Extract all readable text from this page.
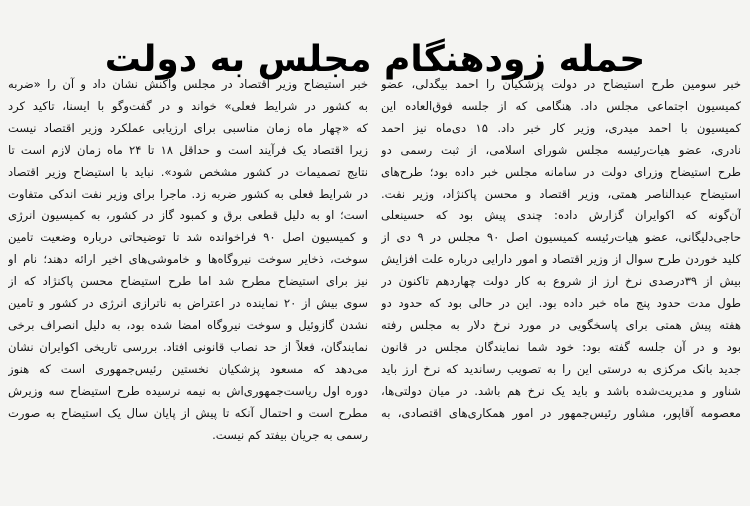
حمله زودهنگام مجلس به دولت
خبر سومین طرح استیضاح در دولت پزشکیان را احمد بیگدلی، عضو
کمیسیون اجتماعی مجلس داد. هنگامی که از جلسه فوق‌العاده این
کمیسیون با احمد میدری، وزیر کار خبر داد. ۱۵ دی‌ماه نیز احمد
نادری، عضو هیات‌رئیسه مجلس شورای اسلامی، از ثبت رسمی دو
طرح استیضاح وزرای دولت در سامانه مجلس خبر داده بود؛ طرح‌های
استیضاح عبدالناصر همتی، وزیر اقتصاد و محسن پاکنژاد، وزیر نفت.
آن‌گونه که اکوایران گزارش داده: چندی پیش بود که حسینعلی
حاجی‌دلیگانی، عضو هیات‌رئیسه کمیسیون اصل ۹۰ مجلس در ۹ دی از
کلید خوردن طرح سوال از وزیر اقتصاد و امور دارایی درباره علت افزایش
بیش از ۳۹درصدی نرخ ارز از شروع به کار دولت چهاردهم تاکنون در
طول مدت حدود پنج ماه خبر داده بود. این در حالی بود که حدود دو
هفته پیش همتی برای پاسخگویی در مورد نرخ دلار به مجلس رفته
بود و در آن جلسه گفته بود: خود شما نمایندگان مجلس در قانون
جدید بانک مرکزی به درستی این را به تصویب رساندید که نرخ ارز باید
شناور و مدیریت‌شده باشد و باید یک نرخ هم باشد. در میان دولتی‌ها،
معصومه آقاپور، مشاور رئیس‌جمهور در امور همکاری‌های اقتصادی، به
خبر استیضاح وزیر اقتصاد در مجلس واکنش نشان داد و آن را «ضربه
به کشور در شرایط فعلی» خواند و در گفت‌وگو با ایسنا، تاکید کرد
که «چهار ماه زمان مناسبی برای ارزیابی عملکرد وزیر اقتصاد نیست
زیرا اقتصاد یک فرآیند است و حداقل ۱۸ تا ۲۴ ماه زمان لازم است تا
نتایج تصمیمات در کشور مشخص شود». نباید با استیضاح وزیر اقتصاد
در شرایط فعلی به کشور ضربه زد. ماجرا برای وزیر نفت اندکی متفاوت
است؛ او به دلیل قطعی برق و کمبود گاز در کشور، به کمیسیون انرژی
و کمیسیون اصل ۹۰ فراخوانده شد تا توضیحاتی درباره وضعیت تامین
سوخت، ذخایر سوخت نیروگاه‌ها و خاموشی‌های اخیر ارائه دهند؛ نام او
نیز برای استیضاح مطرح شد اما طرح استیضاح محسن پاکنژاد که از
سوی بیش از ۲۰ نماینده در اعتراض به ناترازی انرژی در کشور و تامین
نشدن گازوئیل و سوخت نیروگاه امضا شده بود، به دلیل انصراف برخی
نمایندگان، فعلاً از حد نصاب قانونی افتاد. بررسی تاریخی اکوایران نشان
می‌دهد که مسعود پزشکیان نخستین رئیس‌جمهوری است که هنوز
دوره اول ریاست‌جمهوری‌اش به نیمه نرسیده طرح استیضاح سه وزیرش
مطرح است و احتمال آنکه تا پیش از پایان سال یک استیضاح به صورت
رسمی به جریان بیفتد کم نیست.
